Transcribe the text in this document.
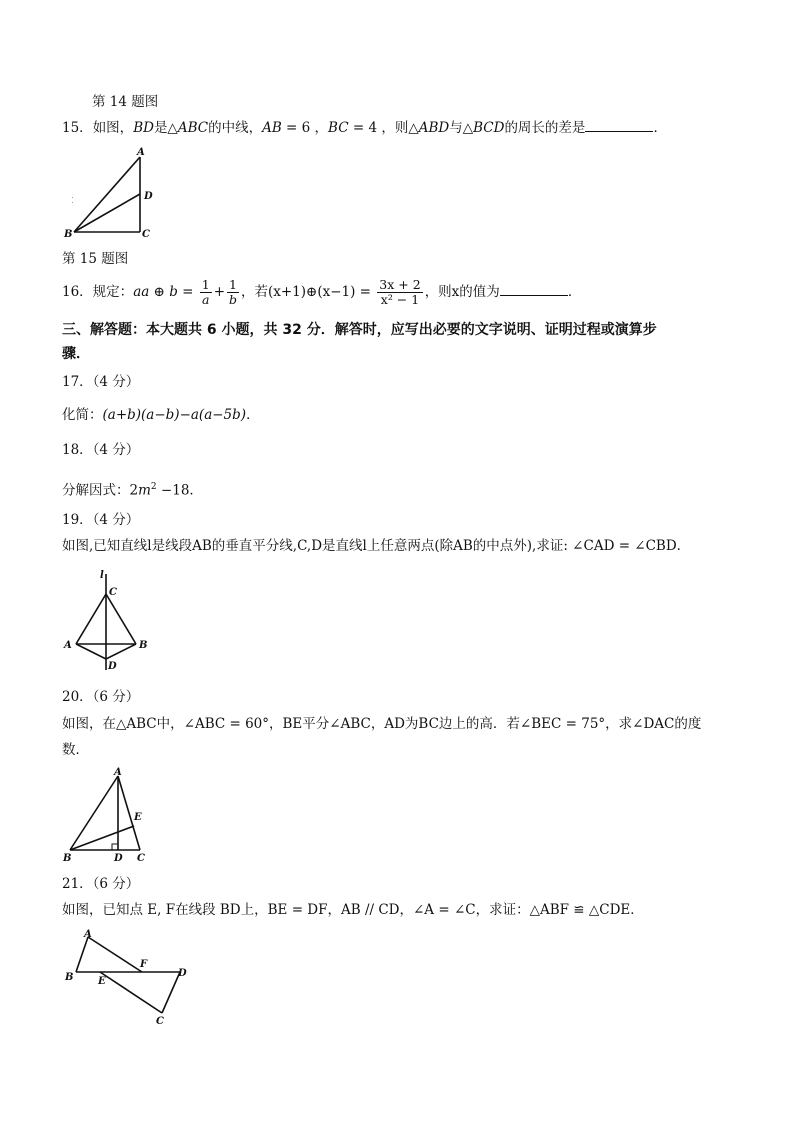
第 14 题图
15．如图，BD是△ABC的中线，AB = 6 ，BC = 4 ，则△ABD与△BCD的周长的差是	．
A
D
B	C
第 15 题图
16．规定：aa ⊕ $b = \frac{1}{a} + \frac{1}{b}$ ，若(x+1)⊕(x−1) = $\frac{3x + 2}{\text{x² − 1}}$ ，则x的值为	．
三、解答题：本大题共 6 小题，共 32 分．解答时，应写出必要的文字说明、证明过程或演算步
骤．
17．（4 分）
化简：(a+b)(a−b)−a(a−5b)．
18．（4 分）
分解因式：$2m^2 -18$．
19．（4 分）
如图,已知直线l是线段AB的垂直平分线,C,D是直线l上任意两点(除AB的中点外),求证: ∠CAD = ∠CBD．
l
C
A	B
D
20．（6 分）
如图，在△ABC中，∠ABC = 60°，BE平分∠ABC，AD为BC边上的高．若∠BEC = 75°，求∠DAC的度
数．
A
E
B	D C
21．（6 分）
如图，已知点 E, F在线段 BD上，BE = DF，AB // CD，∠A = ∠C，求证：△ABF ≌ △CDE．
A
B E
F
D
C
